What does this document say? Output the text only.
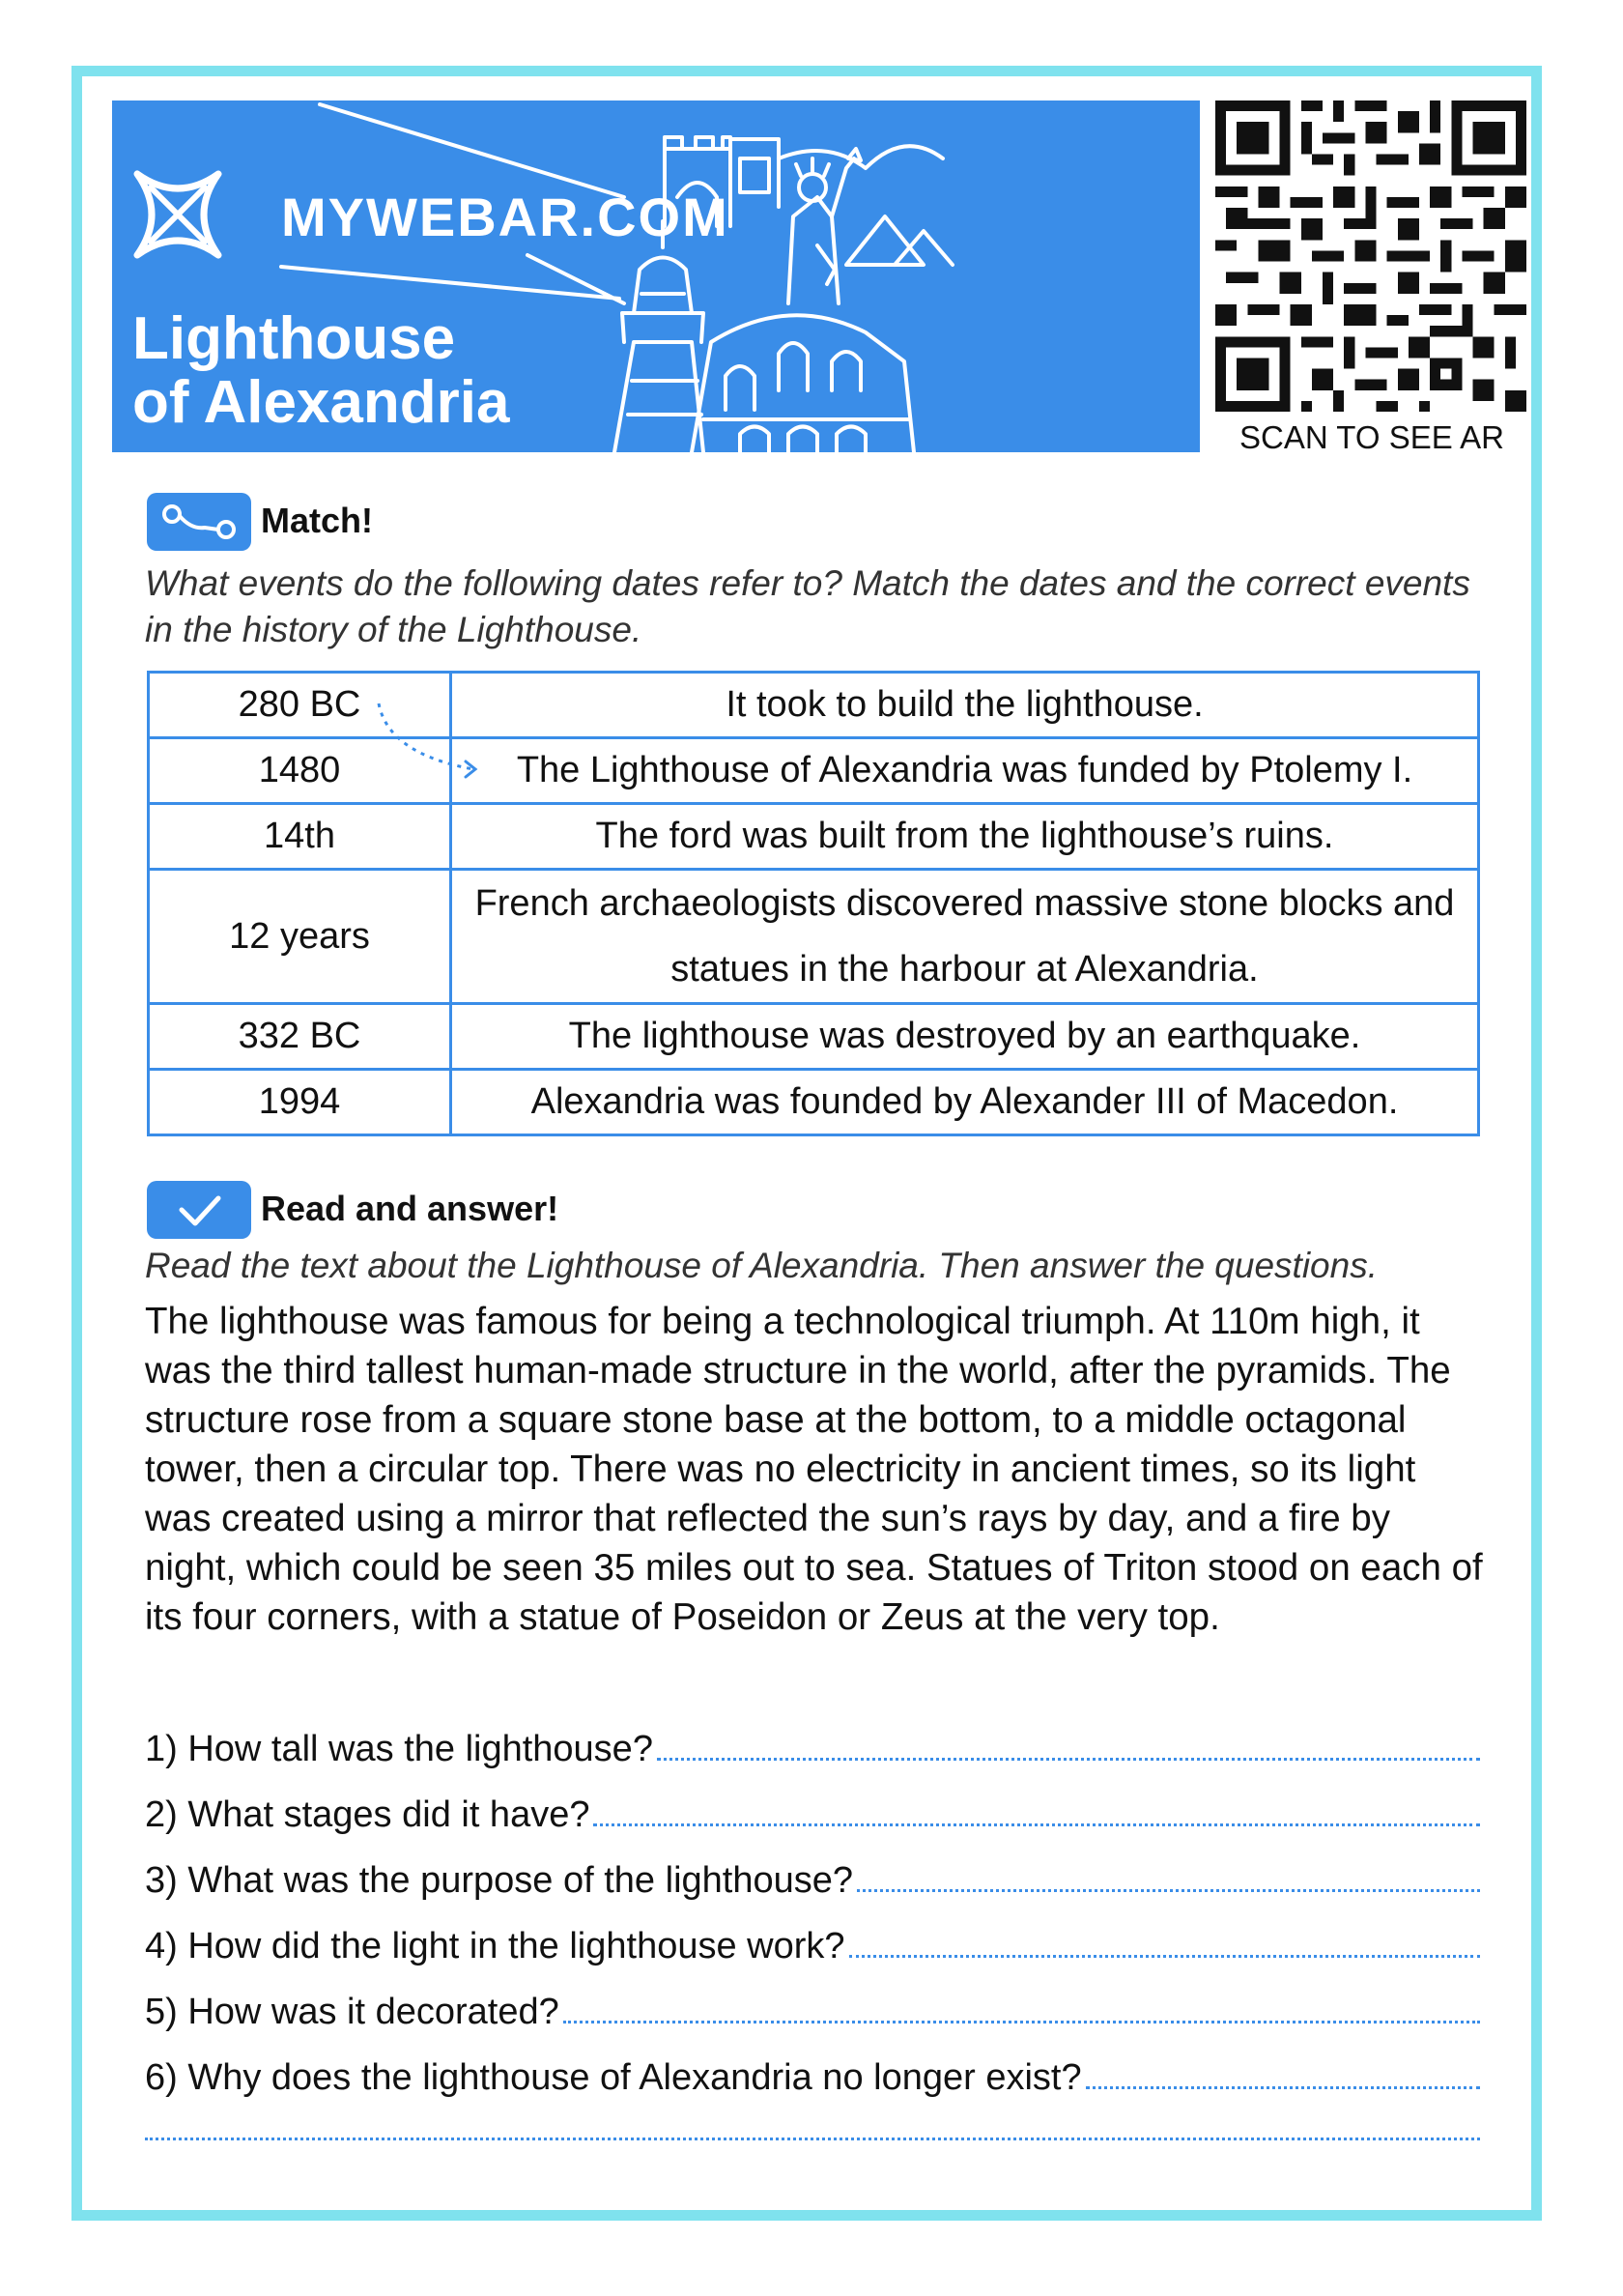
MYWEBAR.COM
Lighthouse
of Alexandria
SCAN TO SEE AR
Match!
What events do the following dates refer to? Match the dates and the correct events in the history of the Lighthouse.
280 BC	It took to build the lighthouse.
1480	The Lighthouse of Alexandria was funded by Ptolemy I.
14th	The ford was built from the lighthouse’s ruins.
12 years	French archaeologists discovered massive stone blocks and statues in the harbour at Alexandria.
332 BC	The lighthouse was destroyed by an earthquake.
1994	Alexandria was founded by Alexander III of Macedon.
Read and answer!
Read the text about the Lighthouse of Alexandria. Then answer the questions.
The lighthouse was famous for being a technological triumph. At 110m high, it was the third tallest human-made structure in the world, after the pyramids. The structure rose from a square stone base at the bottom, to a middle octagonal tower, then a circular top. There was no electricity in ancient times, so its light was created using a mirror that reflected the sun’s rays by day, and a fire by night, which could be seen 35 miles out to sea. Statues of Triton stood on each of its four corners, with a statue of Poseidon or Zeus at the very top.
1) How tall was the lighthouse?
2) What stages did it have?
3) What was the purpose of the lighthouse?
4) How did the light in the lighthouse work?
5) How was it decorated?
6) Why does the lighthouse of Alexandria no longer exist?
